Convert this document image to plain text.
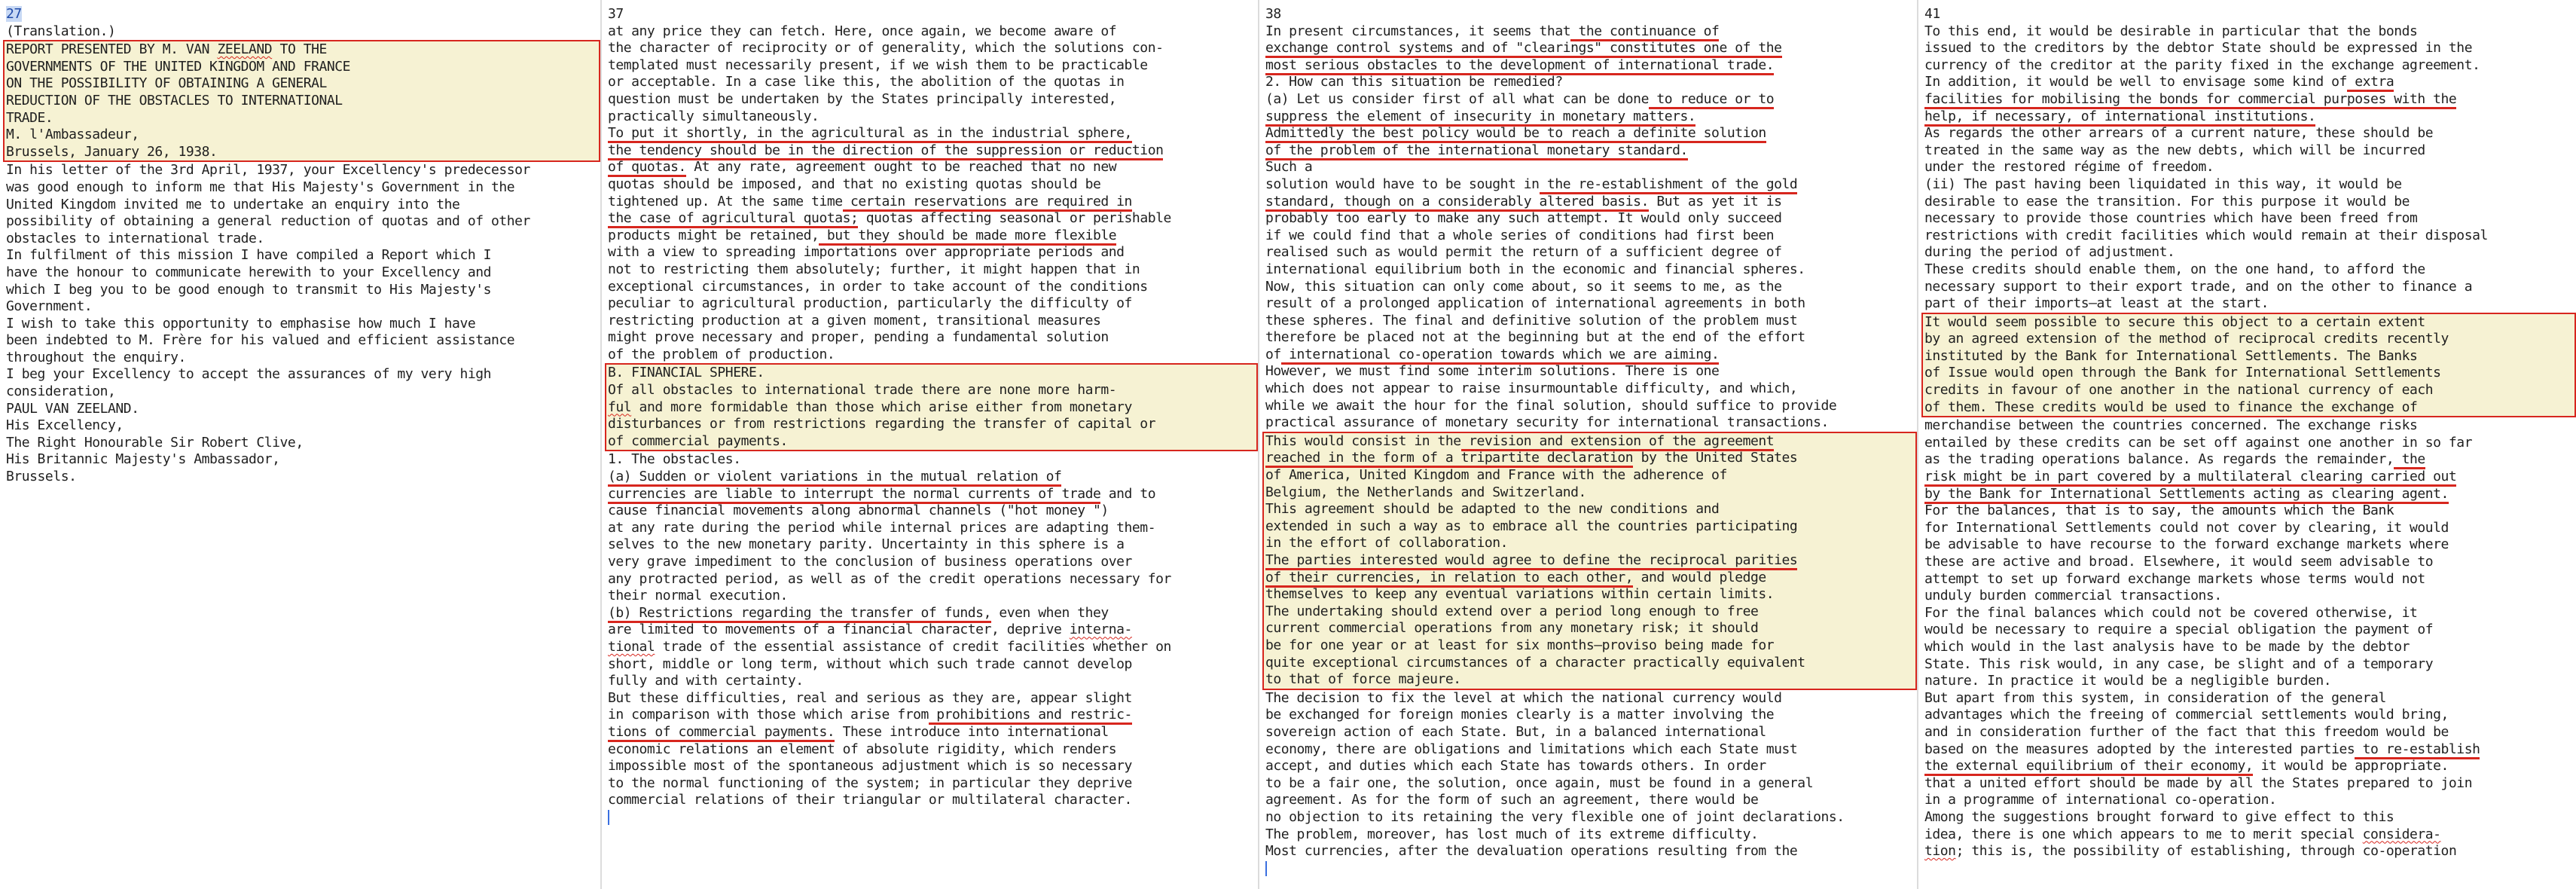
27
(Translation.)
REPORT PRESENTED BY M. VAN ZEELAND TO THE
GOVERNMENTS OF THE UNITED KINGDOM AND FRANCE
ON THE POSSIBILITY OF OBTAINING A GENERAL
REDUCTION OF THE OBSTACLES TO INTERNATIONAL
TRADE.
M. l'Ambassadeur,
Brussels, January 26, 1938.
In his letter of the 3rd April, 1937, your Excellency's predecessor
was good enough to inform me that His Majesty's Government in the
United Kingdom invited me to undertake an enquiry into the
possibility of obtaining a general reduction of quotas and of other
obstacles to international trade.
In fulfilment of this mission I have compiled a Report which I
have the honour to communicate herewith to your Excellency and
which I beg you to be good enough to transmit to His Majesty's
Government.
I wish to take this opportunity to emphasise how much I have
been indebted to M. Frère for his valued and efficient assistance
throughout the enquiry.
I beg your Excellency to accept the assurances of my very high
consideration,
PAUL VAN ZEELAND.
His Excellency,
The Right Honourable Sir Robert Clive,
His Britannic Majesty's Ambassador,
Brussels.
37
at any price they can fetch. Here, once again, we become aware of
the character of reciprocity or of generality, which the solutions con-
templated must necessarily present, if we wish them to be practicable
or acceptable. In a case like this, the abolition of the quotas in
question must be undertaken by the States principally interested,
practically simultaneously.
To put it shortly, in the agricultural as in the industrial sphere,
the tendency should be in the direction of the suppression or reduction
of quotas. At any rate, agreement ought to be reached that no new
quotas should be imposed, and that no existing quotas should be
tightened up. At the same time certain reservations are required in
the case of agricultural quotas; quotas affecting seasonal or perishable
products might be retained, but they should be made more flexible
with a view to spreading importations over appropriate periods and
not to restricting them absolutely; further, it might happen that in
exceptional circumstances, in order to take account of the conditions
peculiar to agricultural production, particularly the difficulty of
restricting production at a given moment, transitional measures
might prove necessary and proper, pending a fundamental solution
of the problem of production.
B. FINANCIAL SPHERE.
Of all obstacles to international trade there are none more harm-
ful and more formidable than those which arise either from monetary
disturbances or from restrictions regarding the transfer of capital or
of commercial payments.
1. The obstacles.
(a) Sudden or violent variations in the mutual relation of
currencies are liable to interrupt the normal currents of trade and to
cause financial movements along abnormal channels ("hot money ")
at any rate during the period while internal prices are adapting them-
selves to the new monetary parity. Uncertainty in this sphere is a
very grave impediment to the conclusion of business operations over
any protracted period, as well as of the credit operations necessary for
their normal execution.
(b) Restrictions regarding the transfer of funds, even when they
are limited to movements of a financial character, deprive interna-
tional trade of the essential assistance of credit facilities whether on
short, middle or long term, without which such trade cannot develop
fully and with certainty.
But these difficulties, real and serious as they are, appear slight
in comparison with those which arise from prohibitions and restric-
tions of commercial payments. These introduce into international
economic relations an element of absolute rigidity, which renders
impossible most of the spontaneous adjustment which is so necessary
to the normal functioning of the system; in particular they deprive
commercial relations of their triangular or multilateral character.
38
In present circumstances, it seems that the continuance of
exchange control systems and of "clearings" constitutes one of the
most serious obstacles to the development of international trade.
2. How can this situation be remedied?
(a) Let us consider first of all what can be done to reduce or to
suppress the element of insecurity in monetary matters.
Admittedly the best policy would be to reach a definite solution
of the problem of the international monetary standard.
Such a
solution would have to be sought in the re-establishment of the gold
standard, though on a considerably altered basis. But as yet it is
probably too early to make any such attempt. It would only succeed
if we could find that a whole series of conditions had first been
realised such as would permit the return of a sufficient degree of
international equilibrium both in the economic and financial spheres.
Now, this situation can only come about, so it seems to me, as the
result of a prolonged application of international agreements in both
these spheres. The final and definitive solution of the problem must
therefore be placed not at the beginning but at the end of the effort
of international co-operation towards which we are aiming.
However, we must find some interim solutions. There is one
which does not appear to raise insurmountable difficulty, and which,
while we await the hour for the final solution, should suffice to provide
practical assurance of monetary security for international transactions.
This would consist in the revision and extension of the agreement
reached in the form of a tripartite declaration by the United States
of America, United Kingdom and France with the adherence of
Belgium, the Netherlands and Switzerland.
This agreement should be adapted to the new conditions and
extended in such a way as to embrace all the countries participating
in the effort of collaboration.
The parties interested would agree to define the reciprocal parities
of their currencies, in relation to each other, and would pledge
themselves to keep any eventual variations within certain limits.
The undertaking should extend over a period long enough to free
current commercial operations from any monetary risk; it should
be for one year or at least for six months—proviso being made for
quite exceptional circumstances of a character practically equivalent
to that of force majeure.
The decision to fix the level at which the national currency would
be exchanged for foreign monies clearly is a matter involving the
sovereign action of each State. But, in a balanced international
economy, there are obligations and limitations which each State must
accept, and duties which each State has towards others. In order
to be a fair one, the solution, once again, must be found in a general
agreement. As for the form of such an agreement, there would be
no objection to its retaining the very flexible one of joint declarations.
The problem, moreover, has lost much of its extreme difficulty.
Most currencies, after the devaluation operations resulting from the
41
To this end, it would be desirable in particular that the bonds
issued to the creditors by the debtor State should be expressed in the
currency of the creditor at the parity fixed in the exchange agreement.
In addition, it would be well to envisage some kind of extra
facilities for mobilising the bonds for commercial purposes with the
help, if necessary, of international institutions.
As regards the other arrears of a current nature, these should be
treated in the same way as the new debts, which will be incurred
under the restored régime of freedom.
(ii) The past having been liquidated in this way, it would be
desirable to ease the transition. For this purpose it would be
necessary to provide those countries which have been freed from
restrictions with credit facilities which would remain at their disposal
during the period of adjustment.
These credits should enable them, on the one hand, to afford the
necessary support to their export trade, and on the other to finance a
part of their imports—at least at the start.
It would seem possible to secure this object to a certain extent
by an agreed extension of the method of reciprocal credits recently
instituted by the Bank for International Settlements. The Banks
of Issue would open through the Bank for International Settlements
credits in favour of one another in the national currency of each
of them. These credits would be used to finance the exchange of
merchandise between the countries concerned. The exchange risks
entailed by these credits can be set off against one another in so far
as the trading operations balance. As regards the remainder, the
risk might be in part covered by a multilateral clearing carried out
by the Bank for International Settlements acting as clearing agent.
For the balances, that is to say, the amounts which the Bank
for International Settlements could not cover by clearing, it would
be advisable to have recourse to the forward exchange markets where
these are active and broad. Elsewhere, it would seem advisable to
attempt to set up forward exchange markets whose terms would not
unduly burden commercial transactions.
For the final balances which could not be covered otherwise, it
would be necessary to require a special obligation the payment of
which would in the last analysis have to be made by the debtor
State. This risk would, in any case, be slight and of a temporary
nature. In practice it would be a negligible burden.
But apart from this system, in consideration of the general
advantages which the freeing of commercial settlements would bring,
and in consideration further of the fact that this freedom would be
based on the measures adopted by the interested parties to re-establish
the external equilibrium of their economy, it would be appropriate.
that a united effort should be made by all the States prepared to join
in a programme of international co-operation.
Among the suggestions brought forward to give effect to this
idea, there is one which appears to me to merit special considera-
tion; this is, the possibility of establishing, through co-operation
